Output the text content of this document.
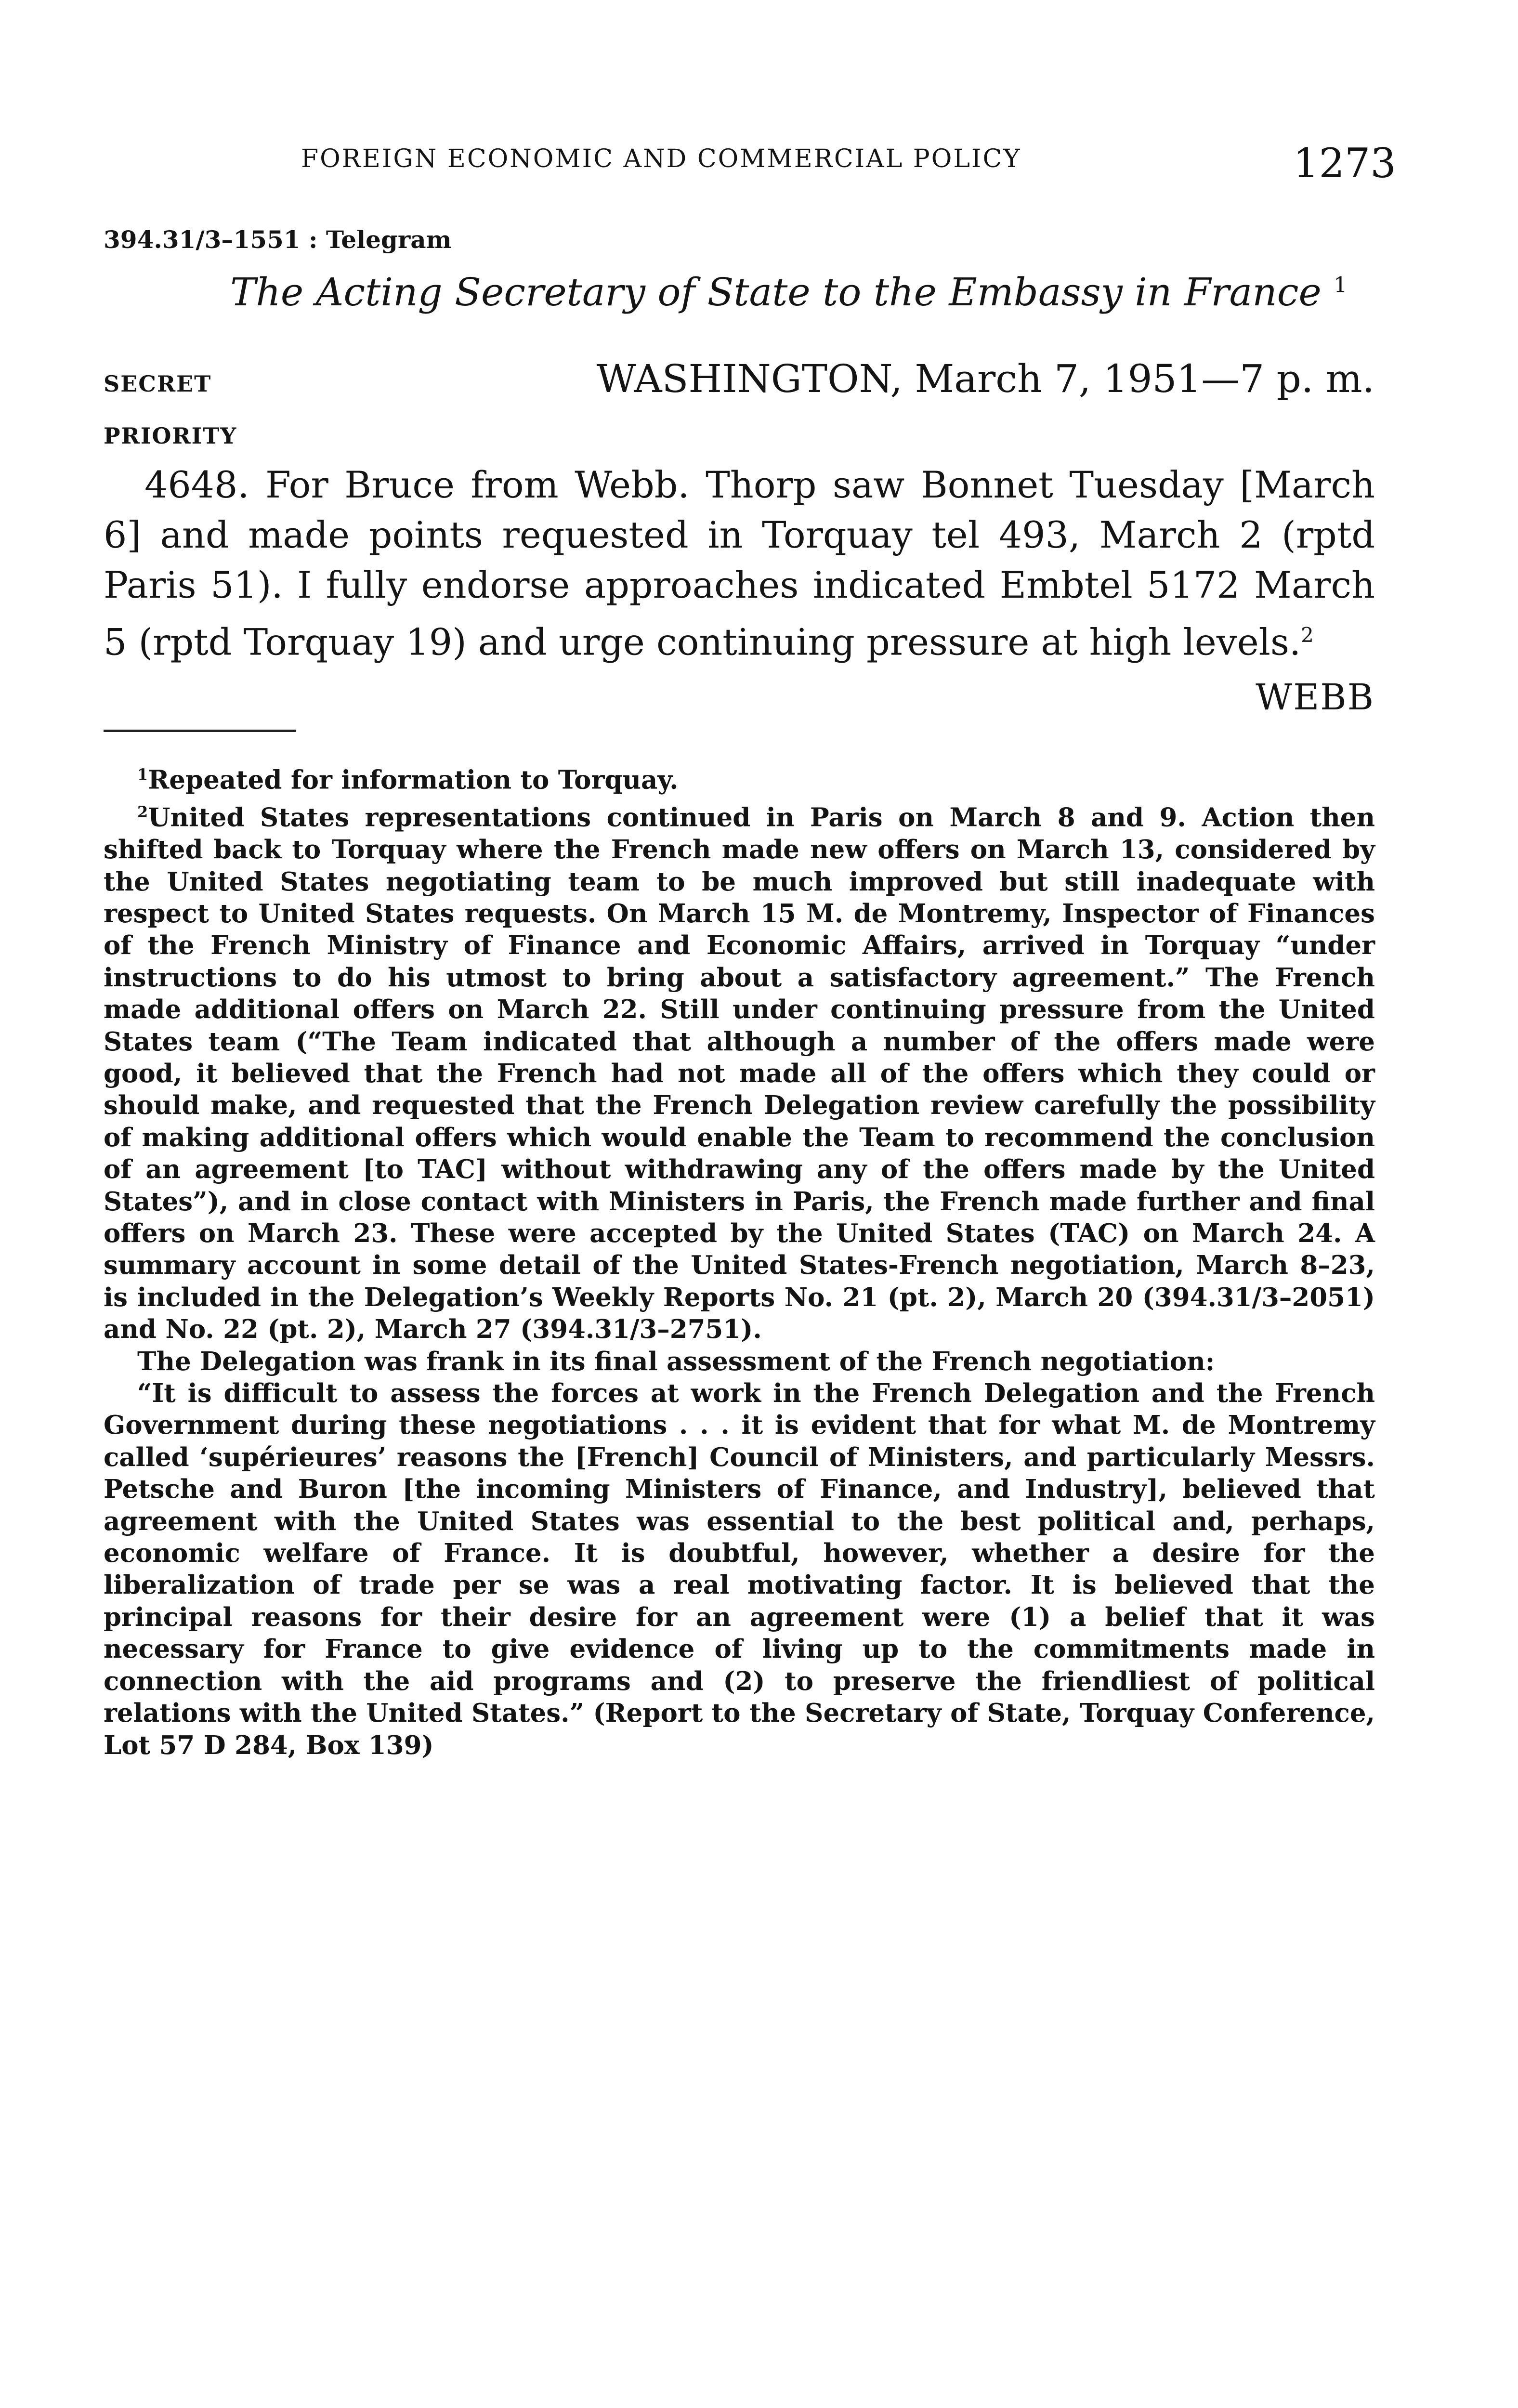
FOREIGN ECONOMIC AND COMMERCIAL POLICY	1273
394.31/3–1551 : Telegram
The Acting Secretary of State to the Embassy in France $^1$
SECRET
PRIORITY
WASHINGTON, March 7, 1951—7 p. m.

4648. For Bruce from Webb. Thorp saw Bonnet Tuesday [March 6] and made points requested in Torquay tel 493, March 2 (rptd Paris 51). I fully endorse approaches indicated Embtel 5172 March 5 (rptd Torquay 19) and urge continuing pressure at high levels.$^2$

WEBB

$^1$Repeated for information to Torquay.

$^2$United States representations continued in Paris on March 8 and 9. Action then shifted back to Torquay where the French made new offers on March 13, considered by the United States negotiating team to be much improved but still inadequate with respect to United States requests. On March 15 M. de Montremy, Inspector of Finances of the French Ministry of Finance and Economic Affairs, arrived in Torquay “under instructions to do his utmost to bring about a satisfactory agreement.” The French made additional offers on March 22. Still under continuing pressure from the United States team (“The Team indicated that although a number of the offers made were good, it believed that the French had not made all of the offers which they could or should make, and requested that the French Delegation review carefully the possibility of making additional offers which would enable the Team to recommend the conclusion of an agreement [to TAC] without withdrawing any of the offers made by the United States”), and in close contact with Ministers in Paris, the French made further and final offers on March 23. These were accepted by the United States (TAC) on March 24. A summary account in some detail of the United States-French negotiation, March 8–23, is included in the Delegation’s Weekly Reports No. 21 (pt. 2), March 20 (394.31/3–2051) and No. 22 (pt. 2), March 27 (394.31/3–2751).

The Delegation was frank in its final assessment of the French negotiation:

“It is difficult to assess the forces at work in the French Delegation and the French Government during these negotiations . . . it is evident that for what M. de Montremy called ‘supérieures’ reasons the [French] Council of Ministers, and particularly Messrs. Petsche and Buron [the incoming Ministers of Finance, and Industry], believed that agreement with the United States was essential to the best political and, perhaps, economic welfare of France. It is doubtful, however, whether a desire for the liberalization of trade per se was a real motivating factor. It is believed that the principal reasons for their desire for an agreement were (1) a belief that it was necessary for France to give evidence of living up to the commitments made in connection with the aid programs and (2) to preserve the friendliest of political relations with the United States.” (Report to the Secretary of State, Torquay Conference, Lot 57 D 284, Box 139)
